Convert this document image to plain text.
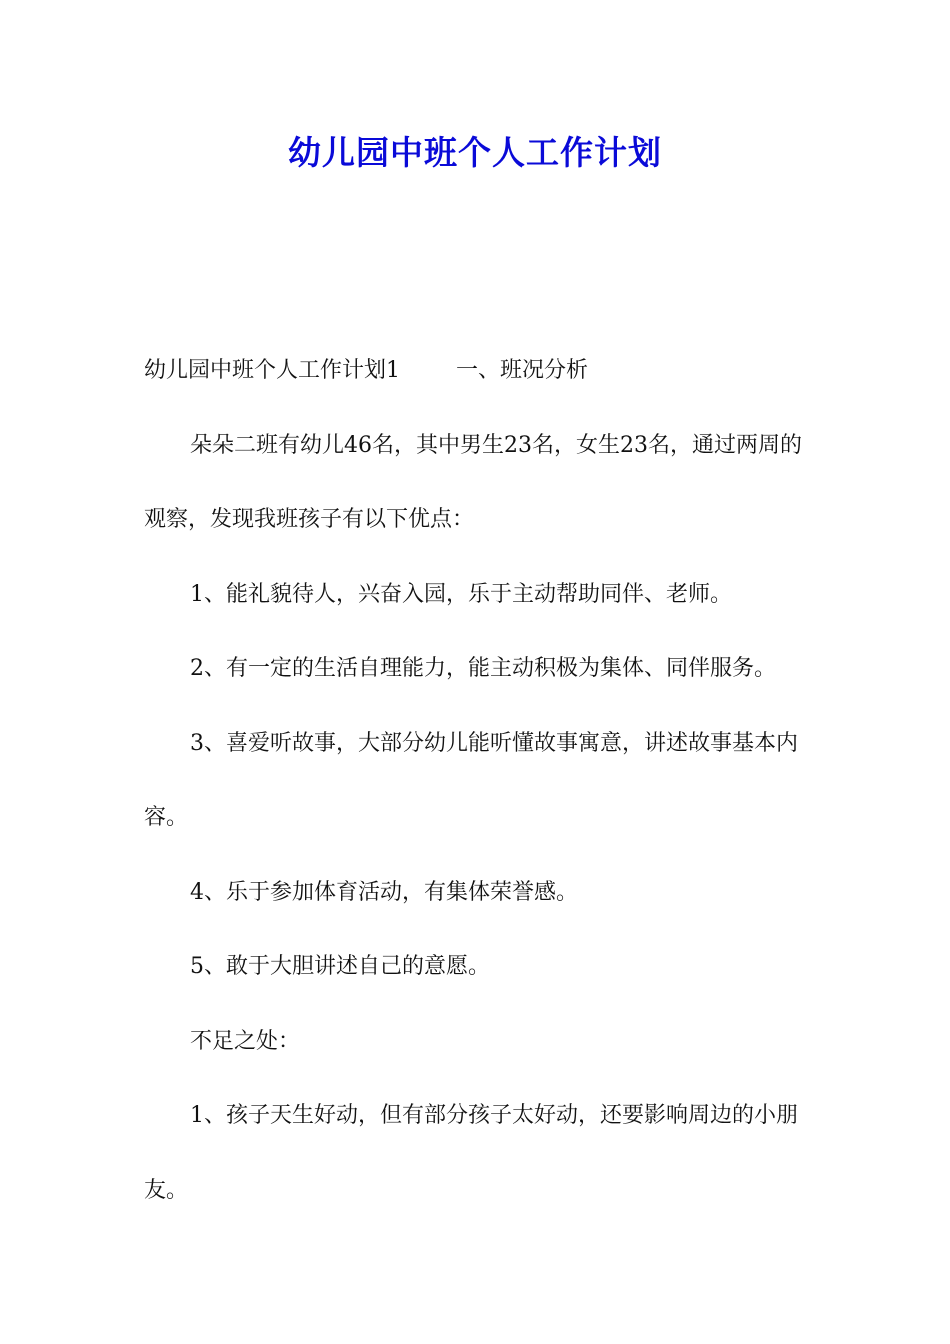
幼儿园中班个人工作计划

幼儿园中班个人工作计划1	一、班况分析

朵朵二班有幼儿46名，其中男生23名，女生23名，通过两周的观察，发现我班孩子有以下优点：

1、能礼貌待人，兴奋入园，乐于主动帮助同伴、老师。

2、有一定的生活自理能力，能主动积极为集体、同伴服务。

3、喜爱听故事，大部分幼儿能听懂故事寓意，讲述故事基本内容。

4、乐于参加体育活动，有集体荣誉感。

5、敢于大胆讲述自己的意愿。

不足之处：

1、孩子天生好动，但有部分孩子太好动，还要影响周边的小朋友。
